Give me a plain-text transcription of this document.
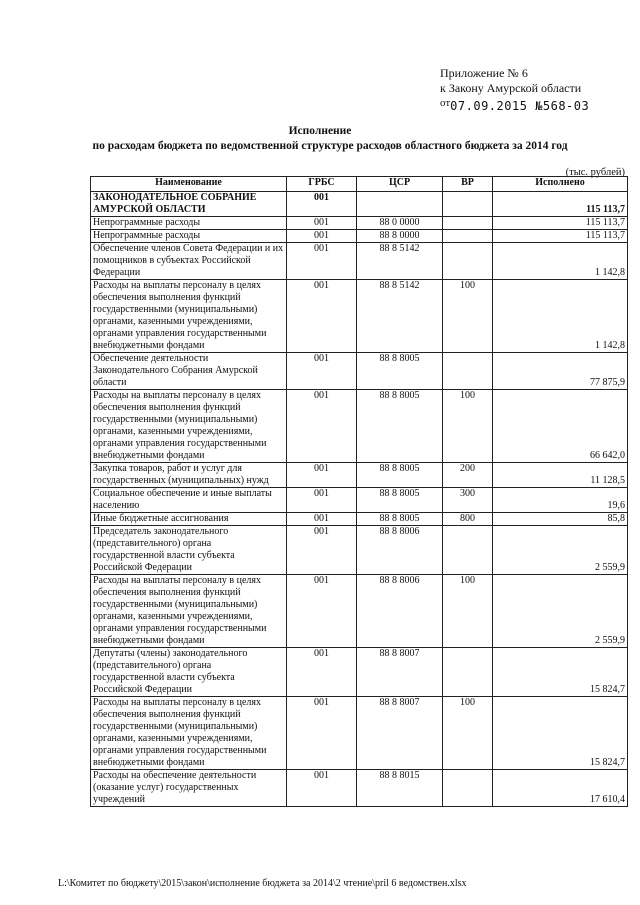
Приложение № 6
к Закону Амурской области
от07.09.2015 №568-03
Исполнение
по расходам бюджета по ведомственной структуре расходов областного бюджета за 2014 год
(тыс. рублей)
Наименование	ГРБС	ЦСР	ВР	Исполнено
ЗАКОНОДАТЕЛЬНОЕ СОБРАНИЕ АМУРСКОЙ ОБЛАСТИ	001			115 113,7
Непрограммные расходы	001	88 0 0000		115 113,7
Непрограммные расходы	001	88 8 0000		115 113,7
Обеспечение членов Совета Федерации и их помощников в субъектах Российской Федерации	001	88 8 5142		1 142,8
Расходы на выплаты персоналу в целях обеспечения выполнения функций государственными (муниципальными) органами, казенными учреждениями, органами управления государственными внебюджетными фондами	001	88 8 5142	100	1 142,8
Обеспечение деятельности Законодательного Собрания Амурской области	001	88 8 8005		77 875,9
Расходы на выплаты персоналу в целях обеспечения выполнения функций государственными (муниципальными) органами, казенными учреждениями, органами управления государственными внебюджетными фондами	001	88 8 8005	100	66 642,0
Закупка товаров, работ и услуг для государственных (муниципальных) нужд	001	88 8 8005	200	11 128,5
Социальное обеспечение и иные выплаты населению	001	88 8 8005	300	19,6
Иные бюджетные ассигнования	001	88 8 8005	800	85,8
Председатель законодательного (представительного) органа государственной власти субъекта Российской Федерации	001	88 8 8006		2 559,9
Расходы на выплаты персоналу в целях обеспечения выполнения функций государственными (муниципальными) органами, казенными учреждениями, органами управления государственными внебюджетными фондами	001	88 8 8006	100	2 559,9
Депутаты (члены) законодательного (представительного) органа государственной власти субъекта Российской Федерации	001	88 8 8007		15 824,7
Расходы на выплаты персоналу в целях обеспечения выполнения функций государственными (муниципальными) органами, казенными учреждениями, органами управления государственными внебюджетными фондами	001	88 8 8007	100	15 824,7
Расходы на обеспечение деятельности (оказание услуг) государственных учреждений	001	88 8 8015		17 610,4
L:\Комитет по бюджету\2015\закон\исполнение бюджета за 2014\2 чтение\pril 6 ведомствен.xlsx
